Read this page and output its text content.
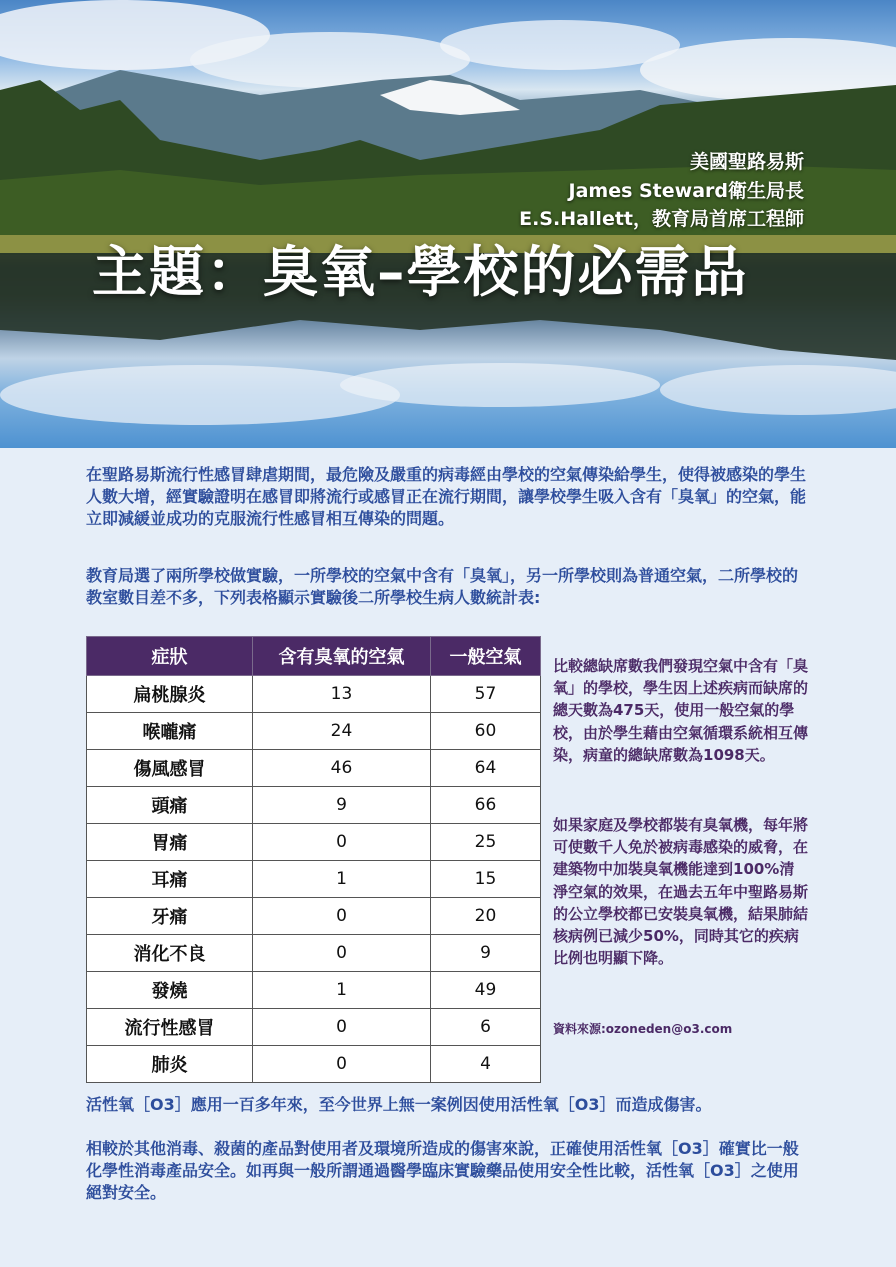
美國聖路易斯
James Steward衛生局長
E.S.Hallett，教育局首席工程師
主題：臭氧–學校的必需品
在聖路易斯流行性感冒肆虐期間，最危險及嚴重的病毒經由學校的空氣傳染給學生，使得被感染的學生人數大增，經實驗證明在感冒即將流行或感冒正在流行期間，讓學校學生吸入含有「臭氧」的空氣，能立即減緩並成功的克服流行性感冒相互傳染的問題。
教育局選了兩所學校做實驗，一所學校的空氣中含有「臭氧」，另一所學校則為普通空氣，二所學校的教室數目差不多，下列表格顯示實驗後二所學校生病人數統計表:
症狀	含有臭氧的空氣	一般空氣
扁桃腺炎	13	57
喉嚨痛	24	60
傷風感冒	46	64
頭痛	9	66
胃痛	0	25
耳痛	1	15
牙痛	0	20
消化不良	0	9
發燒	1	49
流行性感冒	0	6
肺炎	0	4
比較總缺席數我們發現空氣中含有「臭氧」的學校，學生因上述疾病而缺席的總天數為475天，使用一般空氣的學校，由於學生藉由空氣循環系統相互傳染，病童的總缺席數為1098天。
如果家庭及學校都裝有臭氧機，每年將可使數千人免於被病毒感染的威脅，在建築物中加裝臭氧機能達到100%清淨空氣的效果，在過去五年中聖路易斯的公立學校都已安裝臭氧機，結果肺結核病例已減少50%，同時其它的疾病比例也明顯下降。
資料來源:ozoneden@o3.com
活性氧［O3］應用一百多年來，至今世界上無一案例因使用活性氧［O3］而造成傷害。
相較於其他消毒、殺菌的產品對使用者及環境所造成的傷害來說，正確使用活性氧［O3］確實比一般化學性消毒產品安全。如再與一般所謂通過醫學臨床實驗藥品使用安全性比較，活性氧［O3］之使用絕對安全。
